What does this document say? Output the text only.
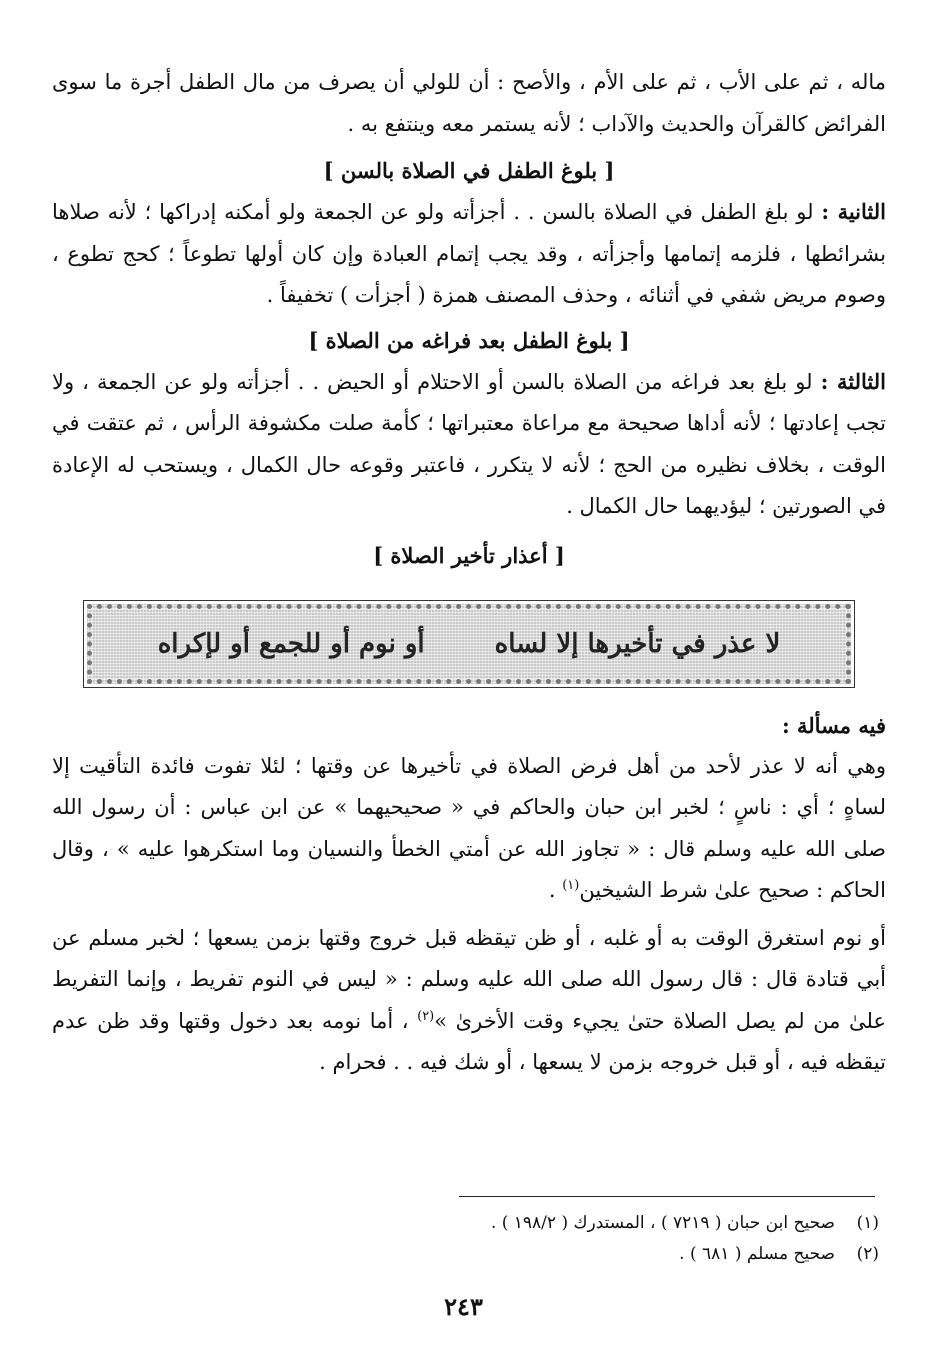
ماله ، ثم على الأب ، ثم على الأم ، والأصح : أن للولي أن يصرف من مال الطفل أجرة ما سوى الفرائض كالقرآن والحديث والآداب ؛ لأنه يستمر معه وينتفع به .

[ بلوغ الطفل في الصلاة بالسن ]

الثانية : لو بلغ الطفل في الصلاة بالسن . . أجزأته ولو عن الجمعة ولو أمكنه إدراكها ؛ لأنه صلاها بشرائطها ، فلزمه إتمامها وأجزأته ، وقد يجب إتمام العبادة وإن كان أولها تطوعاً ؛ كحج تطوع ، وصوم مريض شفي في أثنائه ، وحذف المصنف همزة ( أجزأت ) تخفيفاً .

[ بلوغ الطفل بعد فراغه من الصلاة ]

الثالثة : لو بلغ بعد فراغه من الصلاة بالسن أو الاحتلام أو الحيض . . أجزأته ولو عن الجمعة ، ولا تجب إعادتها ؛ لأنه أداها صحيحة مع مراعاة معتبراتها ؛ كأمة صلت مكشوفة الرأس ، ثم عتقت في الوقت ، بخلاف نظيره من الحج ؛ لأنه لا يتكرر ، فاعتبر وقوعه حال الكمال ، ويستحب له الإعادة في الصورتين ؛ ليؤديهما حال الكمال .

[ أعذار تأخير الصلاة ]

لا عذر في تأخيرها إلا لساه
أو نوم أو للجمع أو لإكراه

فيه مسألة :

وهي أنه لا عذر لأحد من أهل فرض الصلاة في تأخيرها عن وقتها ؛ لئلا تفوت فائدة التأقيت إلا لساهٍ ؛ أي : ناسٍ ؛ لخبر ابن حبان والحاكم في « صحيحيهما » عن ابن عباس : أن رسول الله صلى الله عليه وسلم قال : « تجاوز الله عن أمتي الخطأ والنسيان وما استكرهوا عليه » ، وقال الحاكم : صحيح علىٰ شرط الشيخين$^{(١)}$ .

أو نوم استغرق الوقت به أو غلبه ، أو ظن تيقظه قبل خروج وقتها بزمن يسعها ؛ لخبر مسلم عن أبي قتادة قال : قال رسول الله صلى الله عليه وسلم : « ليس في النوم تفريط ، وإنما التفريط علىٰ من لم يصل الصلاة حتىٰ يجيء وقت الأخرىٰ »$^{(٢)}$ ، أما نومه بعد دخول وقتها وقد ظن عدم تيقظه فيه ، أو قبل خروجه بزمن لا يسعها ، أو شك فيه . . فحرام .

(١)
صحيح ابن حبان ( ٧٢١٩ ) ، المستدرك ( ١٩٨/٢ ) .
(٢)
صحيح مسلم ( ٦٨١ ) .
٢٤٣
